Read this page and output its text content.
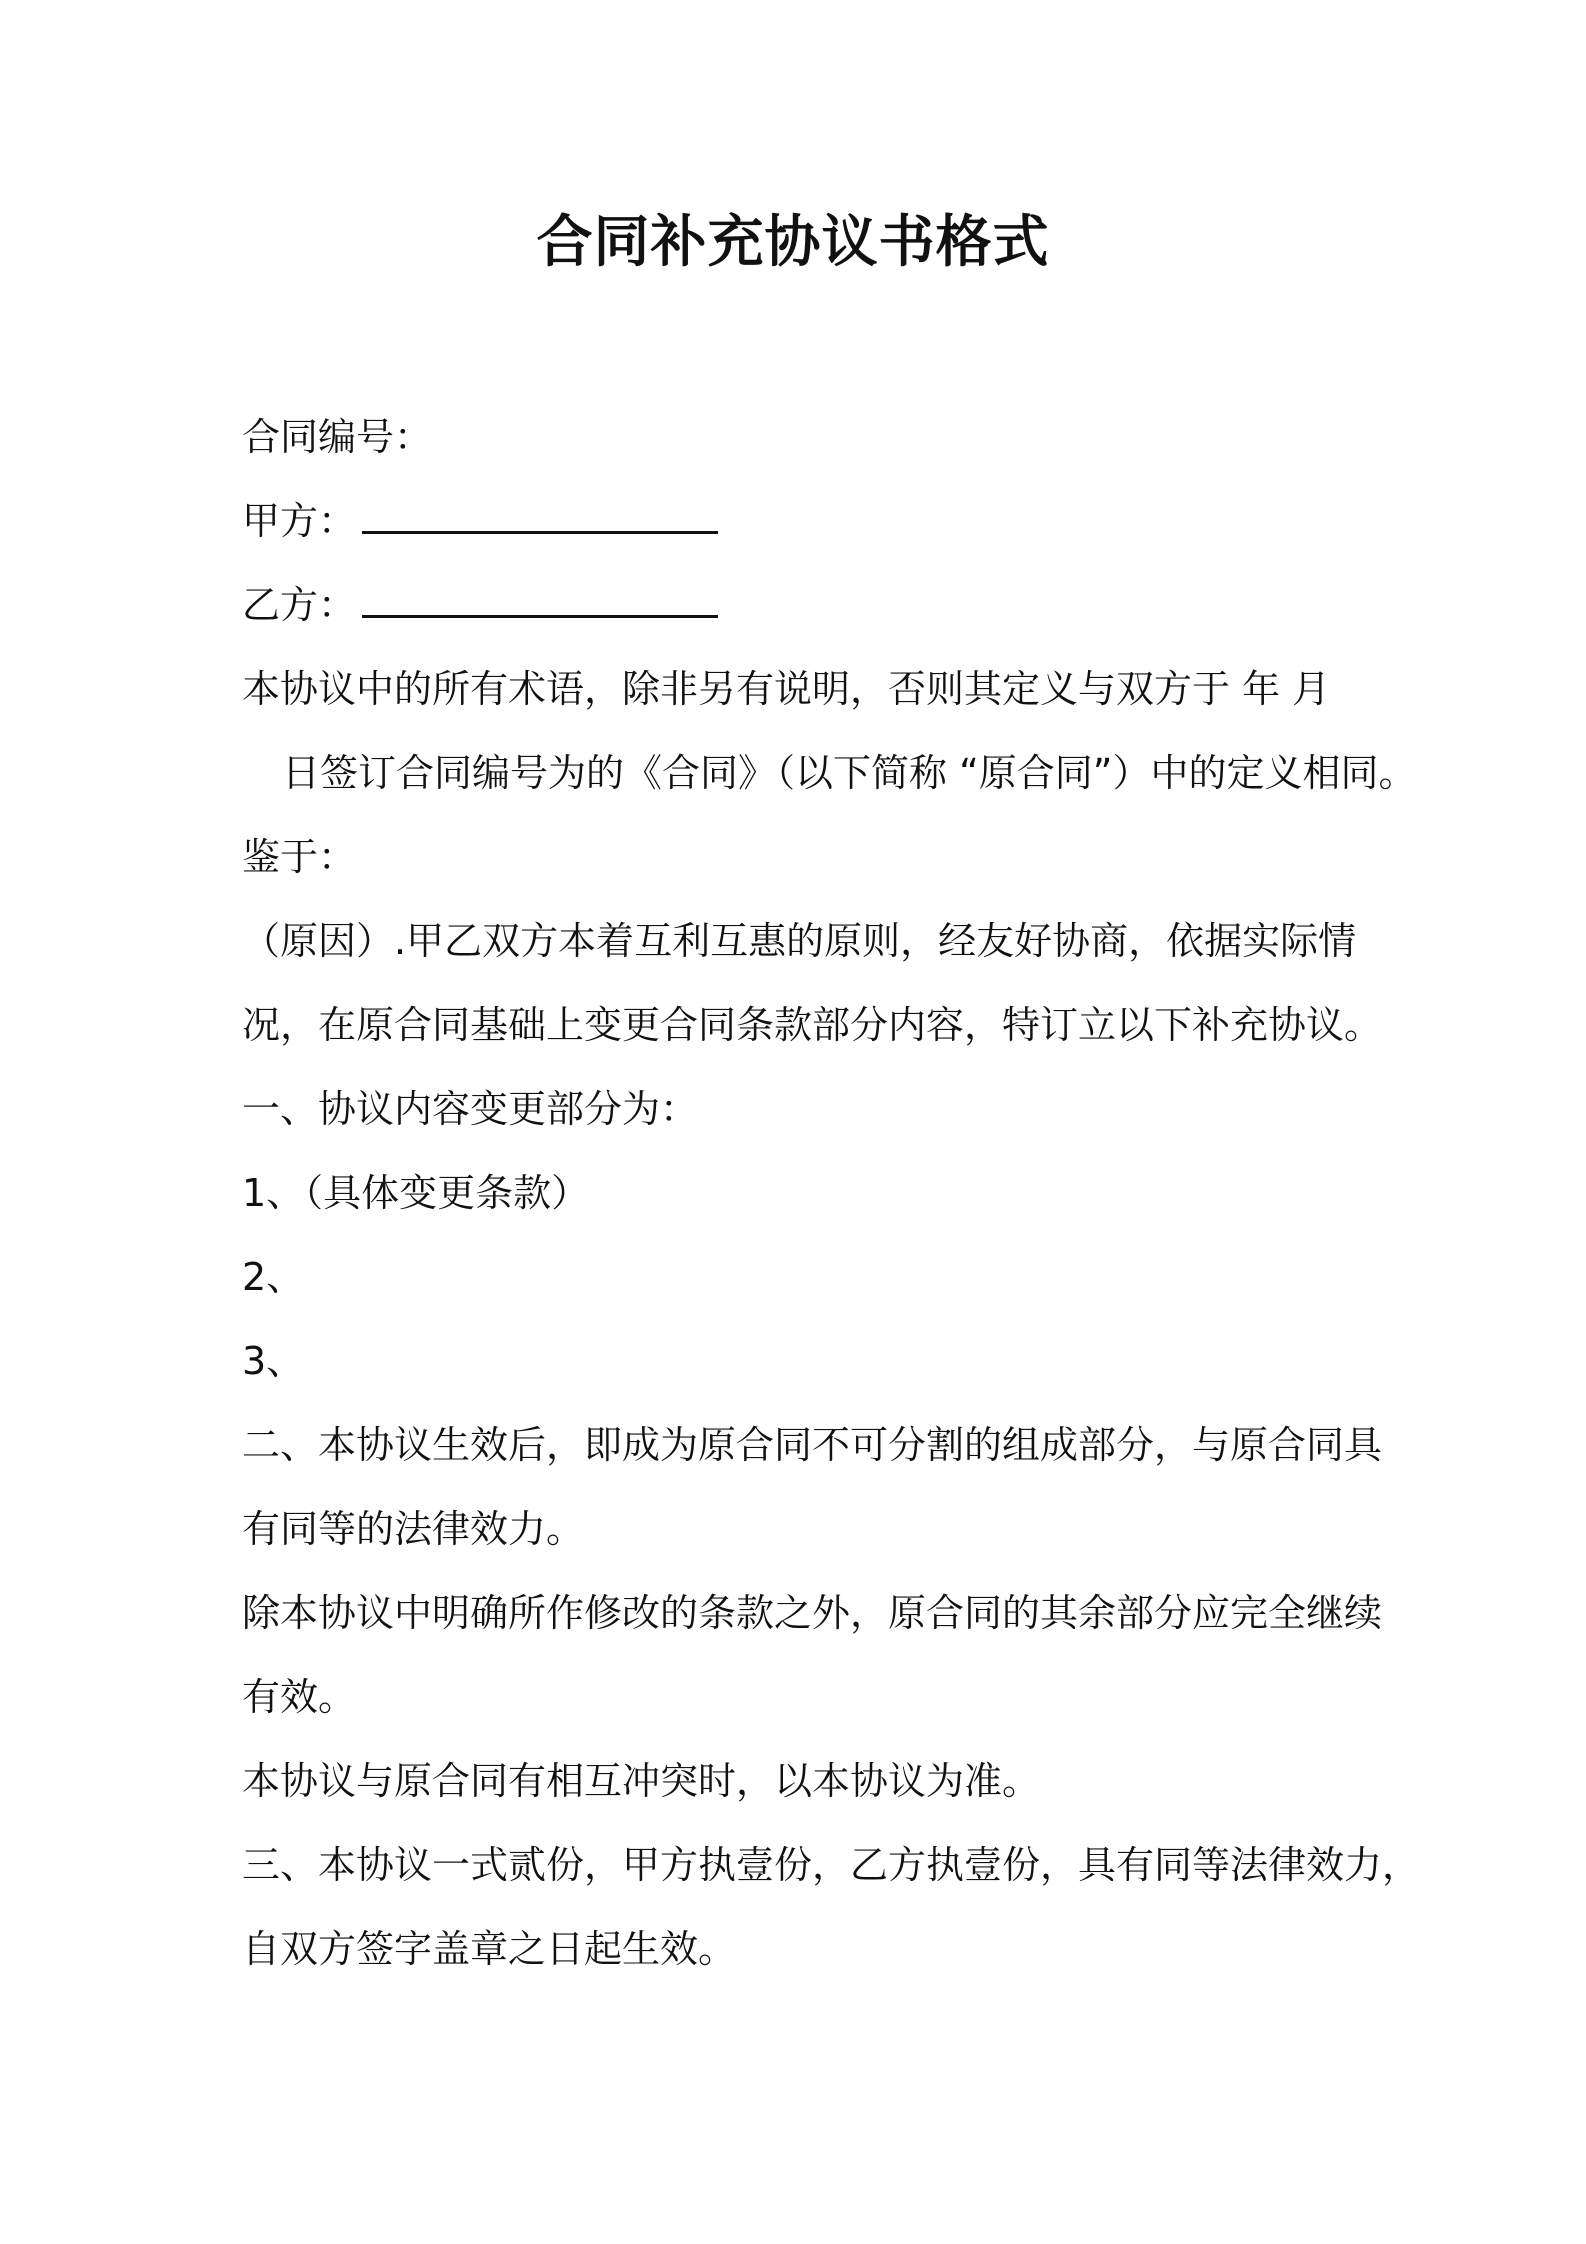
合同补充协议书格式
合同编号：
甲方：
乙方：
本协议中的所有术语，除非另有说明，否则其定义与双方于 年 月
日签订合同编号为的《合同》（以下简称 “原合同”）中的定义相同。
鉴于：
（原因）.甲乙双方本着互利互惠的原则，经友好协商，依据实际情
况，在原合同基础上变更合同条款部分内容，特订立以下补充协议。
一、协议内容变更部分为：
1、（具体变更条款）
2、
3、
二、本协议生效后，即成为原合同不可分割的组成部分，与原合同具
有同等的法律效力。
除本协议中明确所作修改的条款之外，原合同的其余部分应完全继续
有效。
本协议与原合同有相互冲突时，以本协议为准。
三、本协议一式贰份，甲方执壹份，乙方执壹份，具有同等法律效力，
自双方签字盖章之日起生效。
